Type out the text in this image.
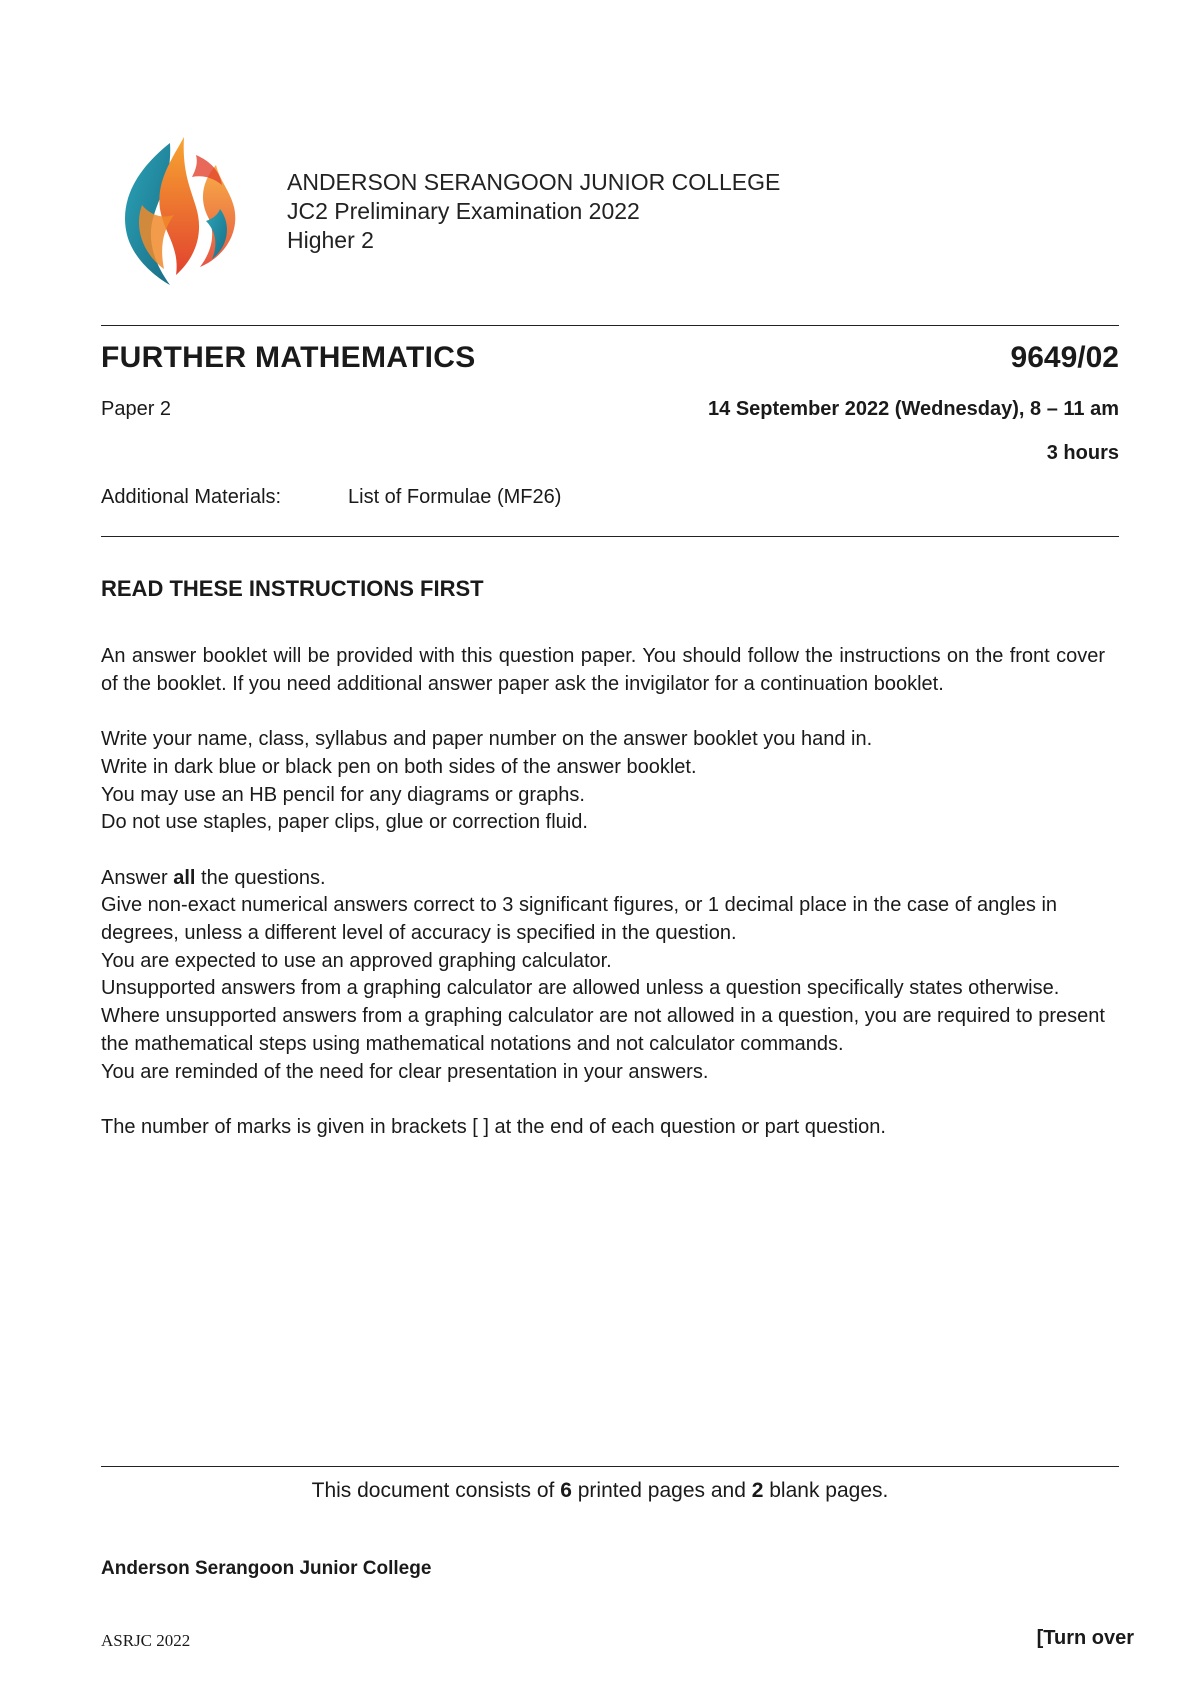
ANDERSON SERANGOON JUNIOR COLLEGE
JC2 Preliminary Examination 2022
Higher 2
FURTHER MATHEMATICS	9649/02
Paper 2	14 September 2022 (Wednesday), 8 – 11 am
3 hours
Additional Materials:	List of Formulae (MF26)
READ THESE INSTRUCTIONS FIRST

An answer booklet will be provided with this question paper. You should follow the instructions on the front cover of the booklet. If you need additional answer paper ask the invigilator for a continuation booklet.

Write your name, class, syllabus and paper number on the answer booklet you hand in.
Write in dark blue or black pen on both sides of the answer booklet.
You may use an HB pencil for any diagrams or graphs.
Do not use staples, paper clips, glue or correction fluid.

Answer all the questions.
Give non-exact numerical answers correct to 3 significant figures, or 1 decimal place in the case of angles in degrees, unless a different level of accuracy is specified in the question.
You are expected to use an approved graphing calculator.
Unsupported answers from a graphing calculator are allowed unless a question specifically states otherwise.
Where unsupported answers from a graphing calculator are not allowed in a question, you are required to present the mathematical steps using mathematical notations and not calculator commands.
You are reminded of the need for clear presentation in your answers.

The number of marks is given in brackets [ ] at the end of each question or part question.

This document consists of 6 printed pages and 2 blank pages.
Anderson Serangoon Junior College
ASRJC 2022	[Turn over
